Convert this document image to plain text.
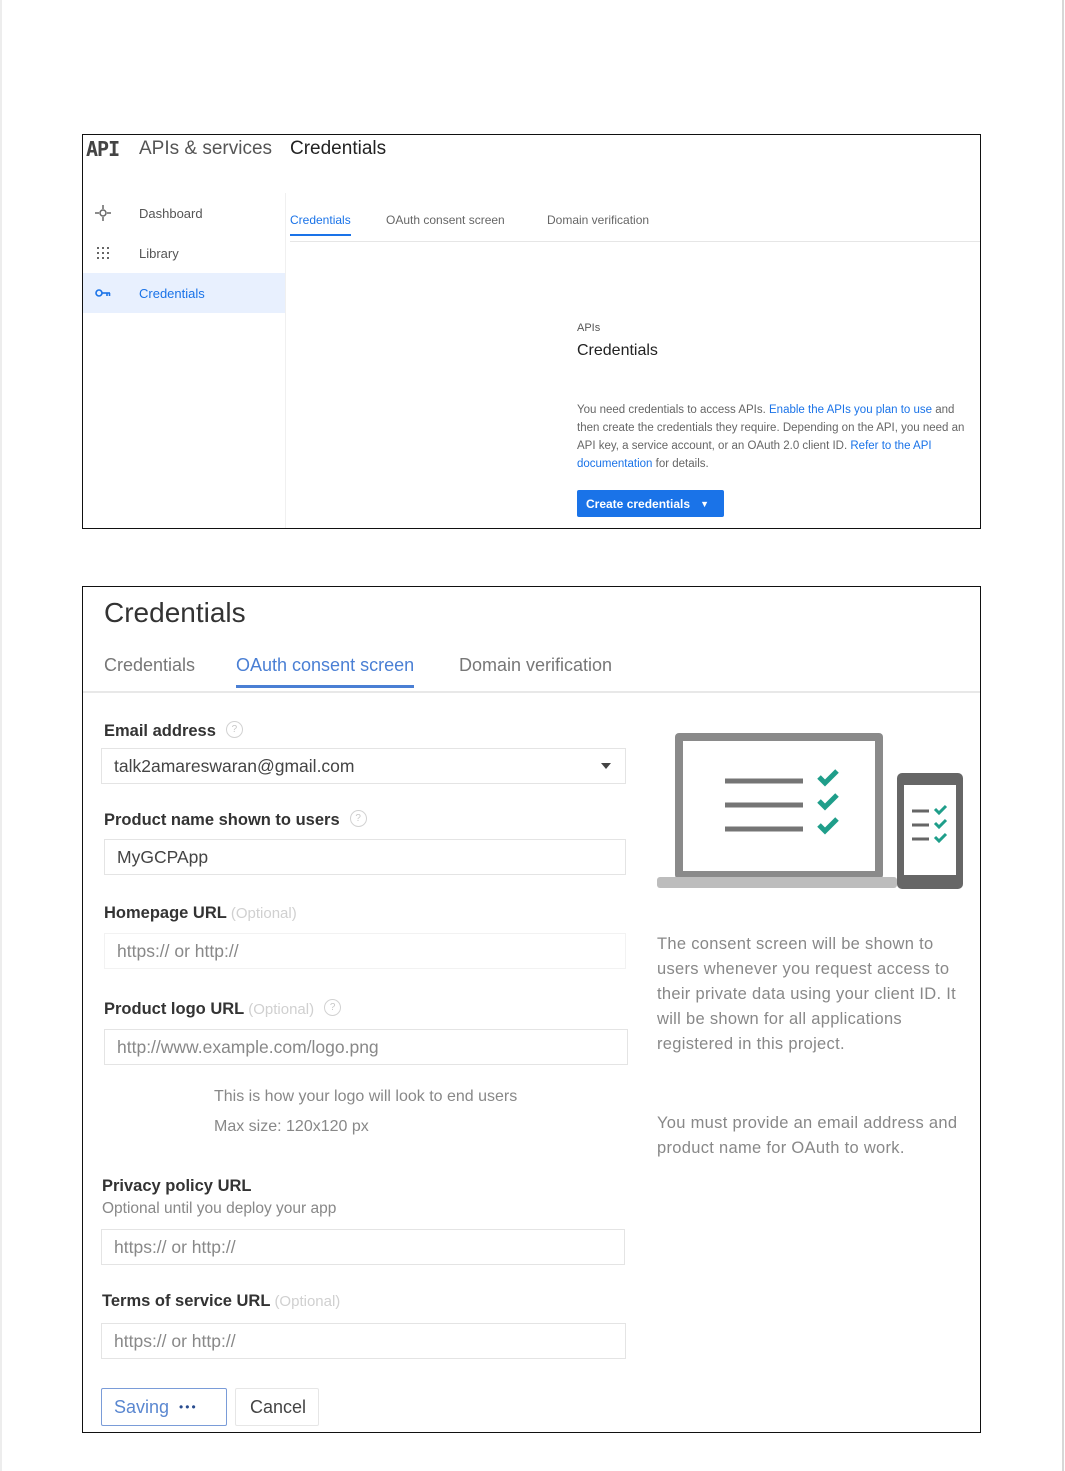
API APIs & services Credentials
Dashboard
Library
Credentials
Credentials	OAuth consent screen	Domain verification
APIs
Credentials
You need credentials to access APIs. Enable the APIs you plan to use and then create the credentials they require. Depending on the API, you need an API key, a service account, or an OAuth 2.0 client ID. Refer to the API documentation for details.
Create credentials ▼
Credentials
Credentials OAuth consent screen Domain verification
Email address ?
talk2amareswaran@gmail.com
Product name shown to users ?
MyGCPApp
Homepage URL (Optional)
https:// or http://
Product logo URL (Optional) ?
http://www.example.com/logo.png
This is how your logo will look to end users
Max size: 120x120 px
Privacy policy URL
Optional until you deploy your app
https:// or http://
Terms of service URL (Optional)
https:// or http://
Saving •••	Cancel
The consent screen will be shown to users whenever you request access to their private data using your client ID. It will be shown for all applications registered in this project.
You must provide an email address and product name for OAuth to work.
